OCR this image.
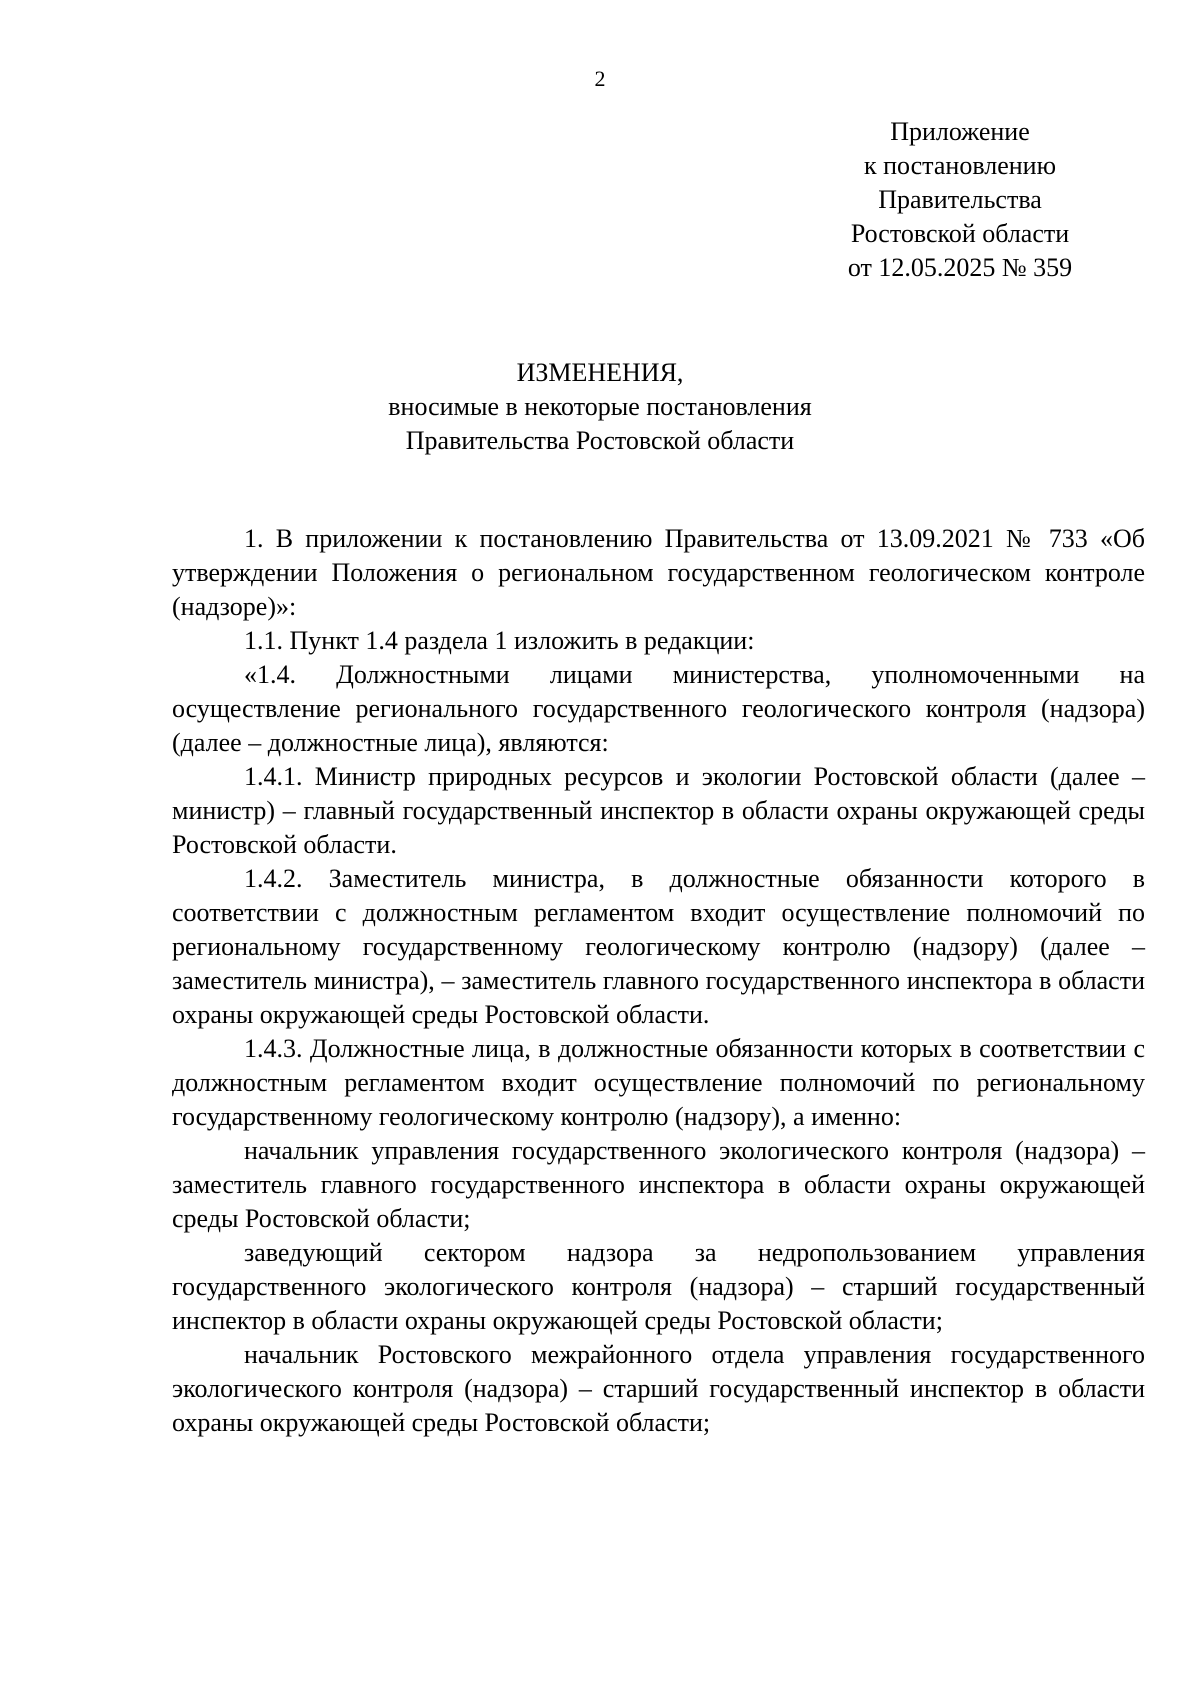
2
Приложение
к постановлению
Правительства
Ростовской области
от 12.05.2025 № 359
ИЗМЕНЕНИЯ,
вносимые в некоторые постановления
Правительства Ростовской области

1. В приложении к постановлению Правительства от 13.09.2021 № 733 «Об утверждении Положения о региональном государственном геологическом контроле (надзоре)»:

1.1. Пункт 1.4 раздела 1 изложить в редакции:

«1.4. Должностными лицами министерства, уполномоченными на осуществление регионального государственного геологического контроля (надзора) (далее – должностные лица), являются:

1.4.1. Министр природных ресурсов и экологии Ростовской области (далее – министр) – главный государственный инспектор в области охраны окружающей среды Ростовской области.

1.4.2. Заместитель министра, в должностные обязанности которого в соответствии с должностным регламентом входит осуществление полномочий по региональному государственному геологическому контролю (надзору) (далее – заместитель министра), – заместитель главного государственного инспектора в области охраны окружающей среды Ростовской области.

1.4.3. Должностные лица, в должностные обязанности которых в соответствии с должностным регламентом входит осуществление полномочий по региональному государственному геологическому контролю (надзору), а именно:

начальник управления государственного экологического контроля (надзора) – заместитель главного государственного инспектора в области охраны окружающей среды Ростовской области;

заведующий сектором надзора за недропользованием управления государственного экологического контроля (надзора) – старший государственный инспектор в области охраны окружающей среды Ростовской области;

начальник Ростовского межрайонного отдела управления государственного экологического контроля (надзора) – старший государственный инспектор в области охраны окружающей среды Ростовской области;
